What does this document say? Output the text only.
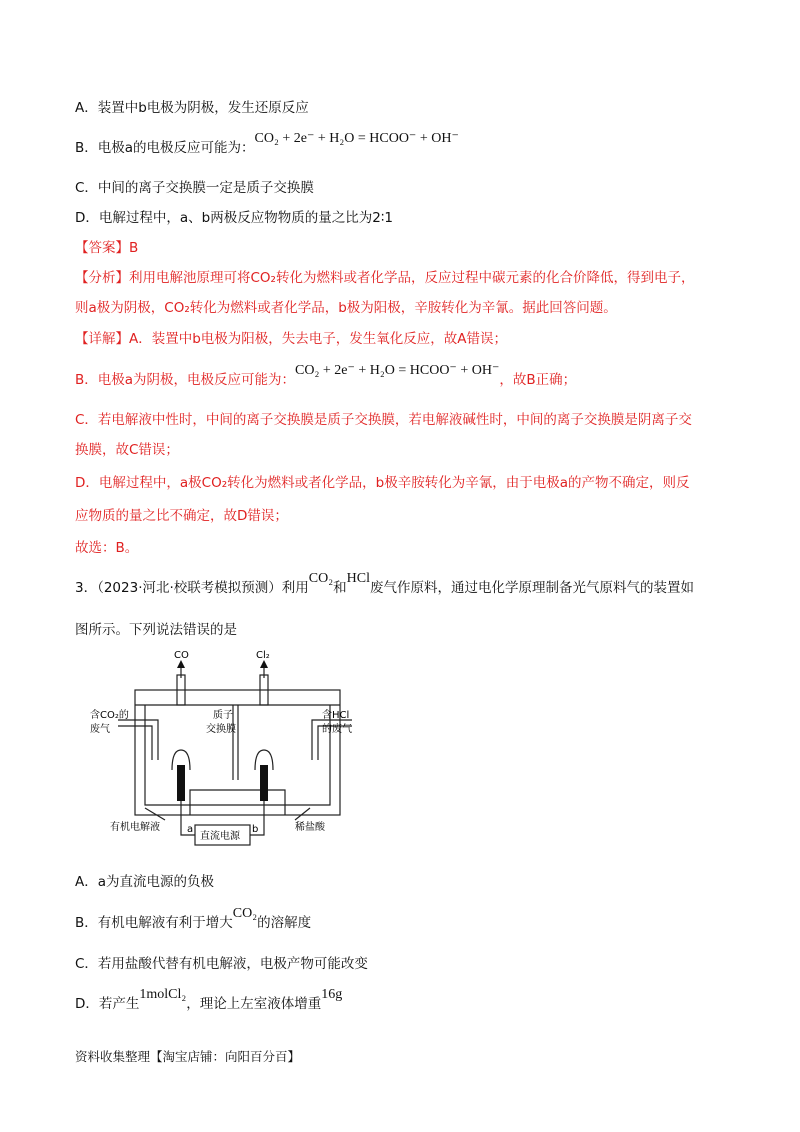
A．装置中b电极为阴极，发生还原反应
B．电极a的电极反应可能为：CO₂ + 2e⁻ + H₂O = HCOO⁻ + OH⁻
C．中间的离子交换膜一定是质子交换膜
D．电解过程中，a、b两极反应物物质的量之比为2∶1
【答案】B
【分析】利用电解池原理可将CO₂转化为燃料或者化学品，反应过程中碳元素的化合价降低，得到电子，
则a极为阴极，CO₂转化为燃料或者化学品，b极为阳极，辛胺转化为辛氰。据此回答问题。
【详解】A．装置中b电极为阳极，失去电子，发生氧化反应，故A错误；
B．电极a为阴极，电极反应可能为：CO₂ + 2e⁻ + H₂O = HCOO⁻ + OH⁻，故B正确；
C．若电解液中性时，中间的离子交换膜是质子交换膜，若电解液碱性时，中间的离子交换膜是阴离子交
换膜，故C错误；
D．电解过程中，a极CO₂转化为燃料或者化学品，b极辛胺转化为辛氰，由于电极a的产物不确定，则反
应物质的量之比不确定，故D错误；
故选：B。
3．（2023·河北·校联考模拟预测）利用CO₂和HCl废气作原料，通过电化学原理制备光气原料气的装置如
图所示。下列说法错误的是
CO	Cl₂
质子
交换膜
含CO₂的
废气
含HCl
的废气
有机电解液	稀盐酸
a	b
直流电源
A．a为直流电源的负极
B．有机电解液有利于增大CO₂的溶解度
C．若用盐酸代替有机电解液，电极产物可能改变
D．若产生1molCl₂，理论上左室液体增重16g
资料收集整理【淘宝店铺：向阳百分百】
